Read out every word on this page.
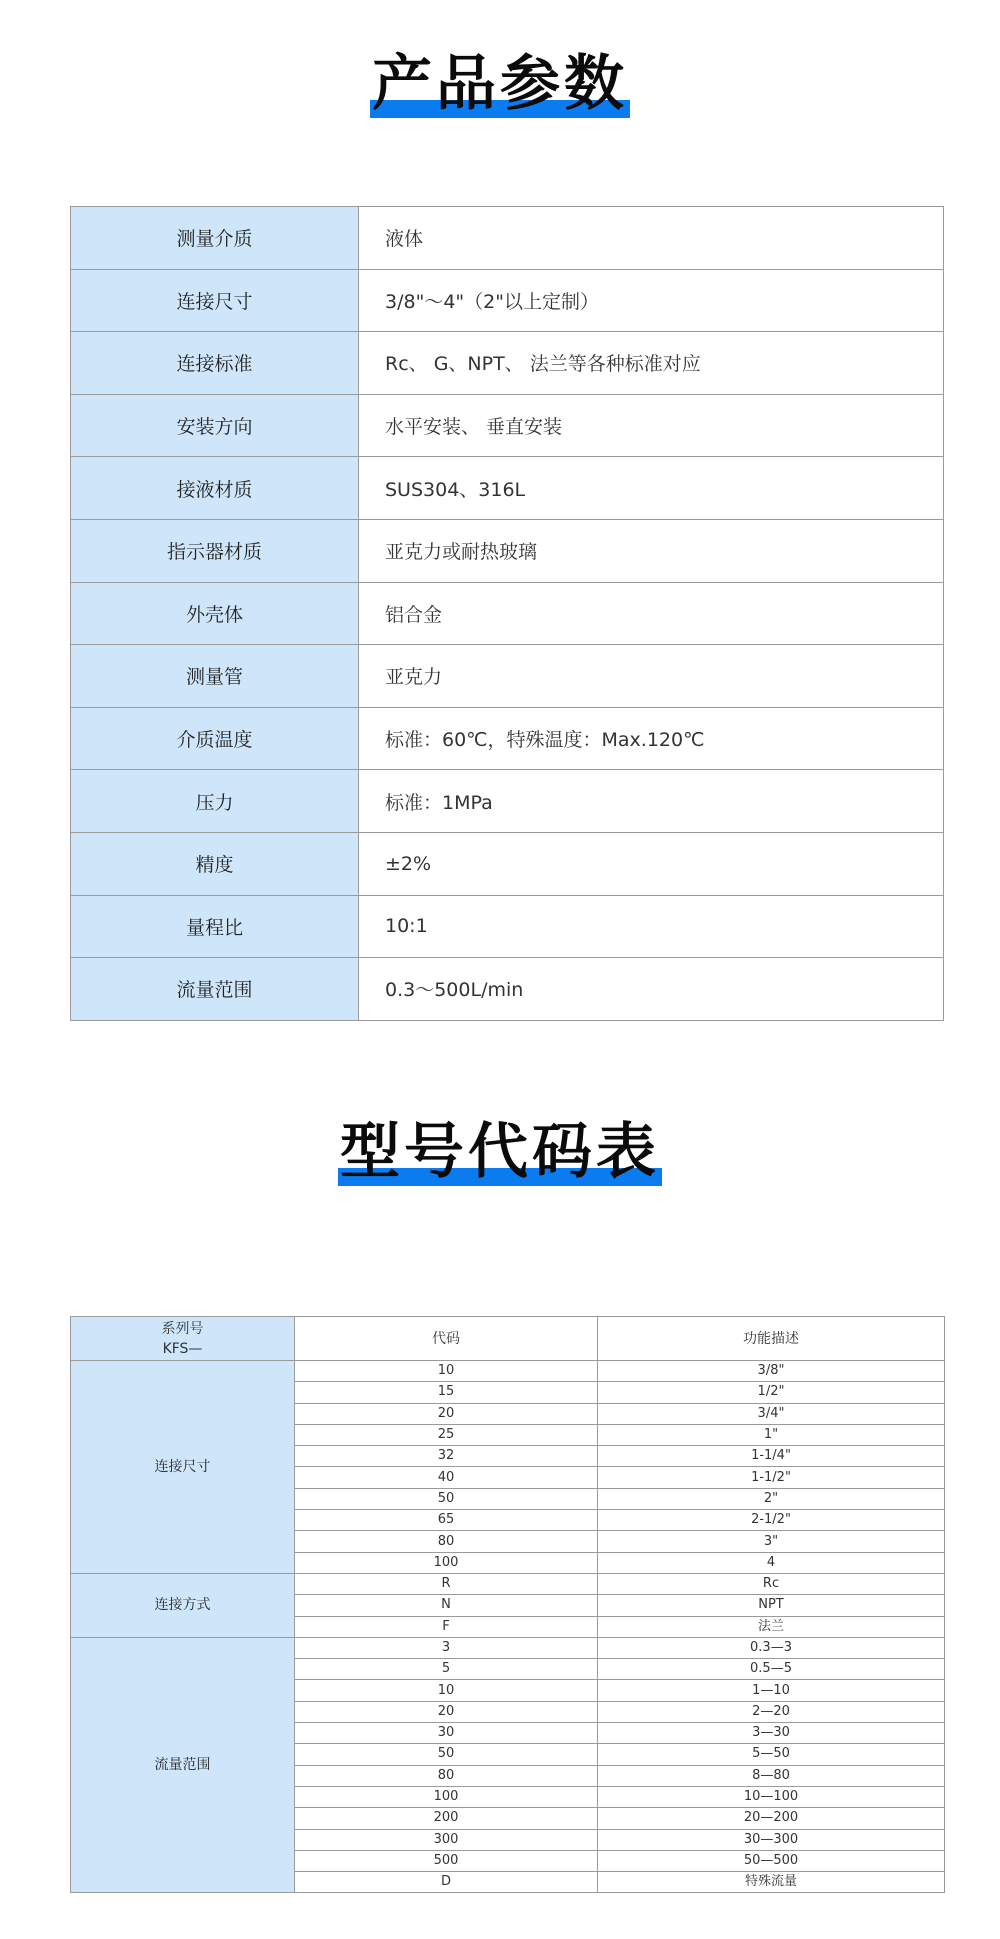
产品参数
测量介质	液体
连接尺寸	3/8"～4"（2"以上定制）
连接标准	Rc、 G、NPT、 法兰等各种标准对应
安装方向	水平安装、 垂直安装
接液材质	SUS304、316L
指示器材质	亚克力或耐热玻璃
外壳体	铝合金
测量管	亚克力
介质温度	标准：60℃，特殊温度：Max.120℃
压力	标准：1MPa
精度	±2%
量程比	10:1
流量范围	0.3～500L/min
型号代码表
系列号
KFS—	代码	功能描述
连接尺寸	10	3/8"
	15	1/2"
	20	3/4"
	25	1"
	32	1-1/4"
	40	1-1/2"
	50	2"
	65	2-1/2"
	80	3"
	100	4
连接方式	R	Rc
	N	NPT
	F	法兰
流量范围	3	0.3—3
	5	0.5—5
	10	1—10
	20	2—20
	30	3—30
	50	5—50
	80	8—80
	100	10—100
	200	20—200
	300	30—300
	500	50—500
	D	特殊流量
